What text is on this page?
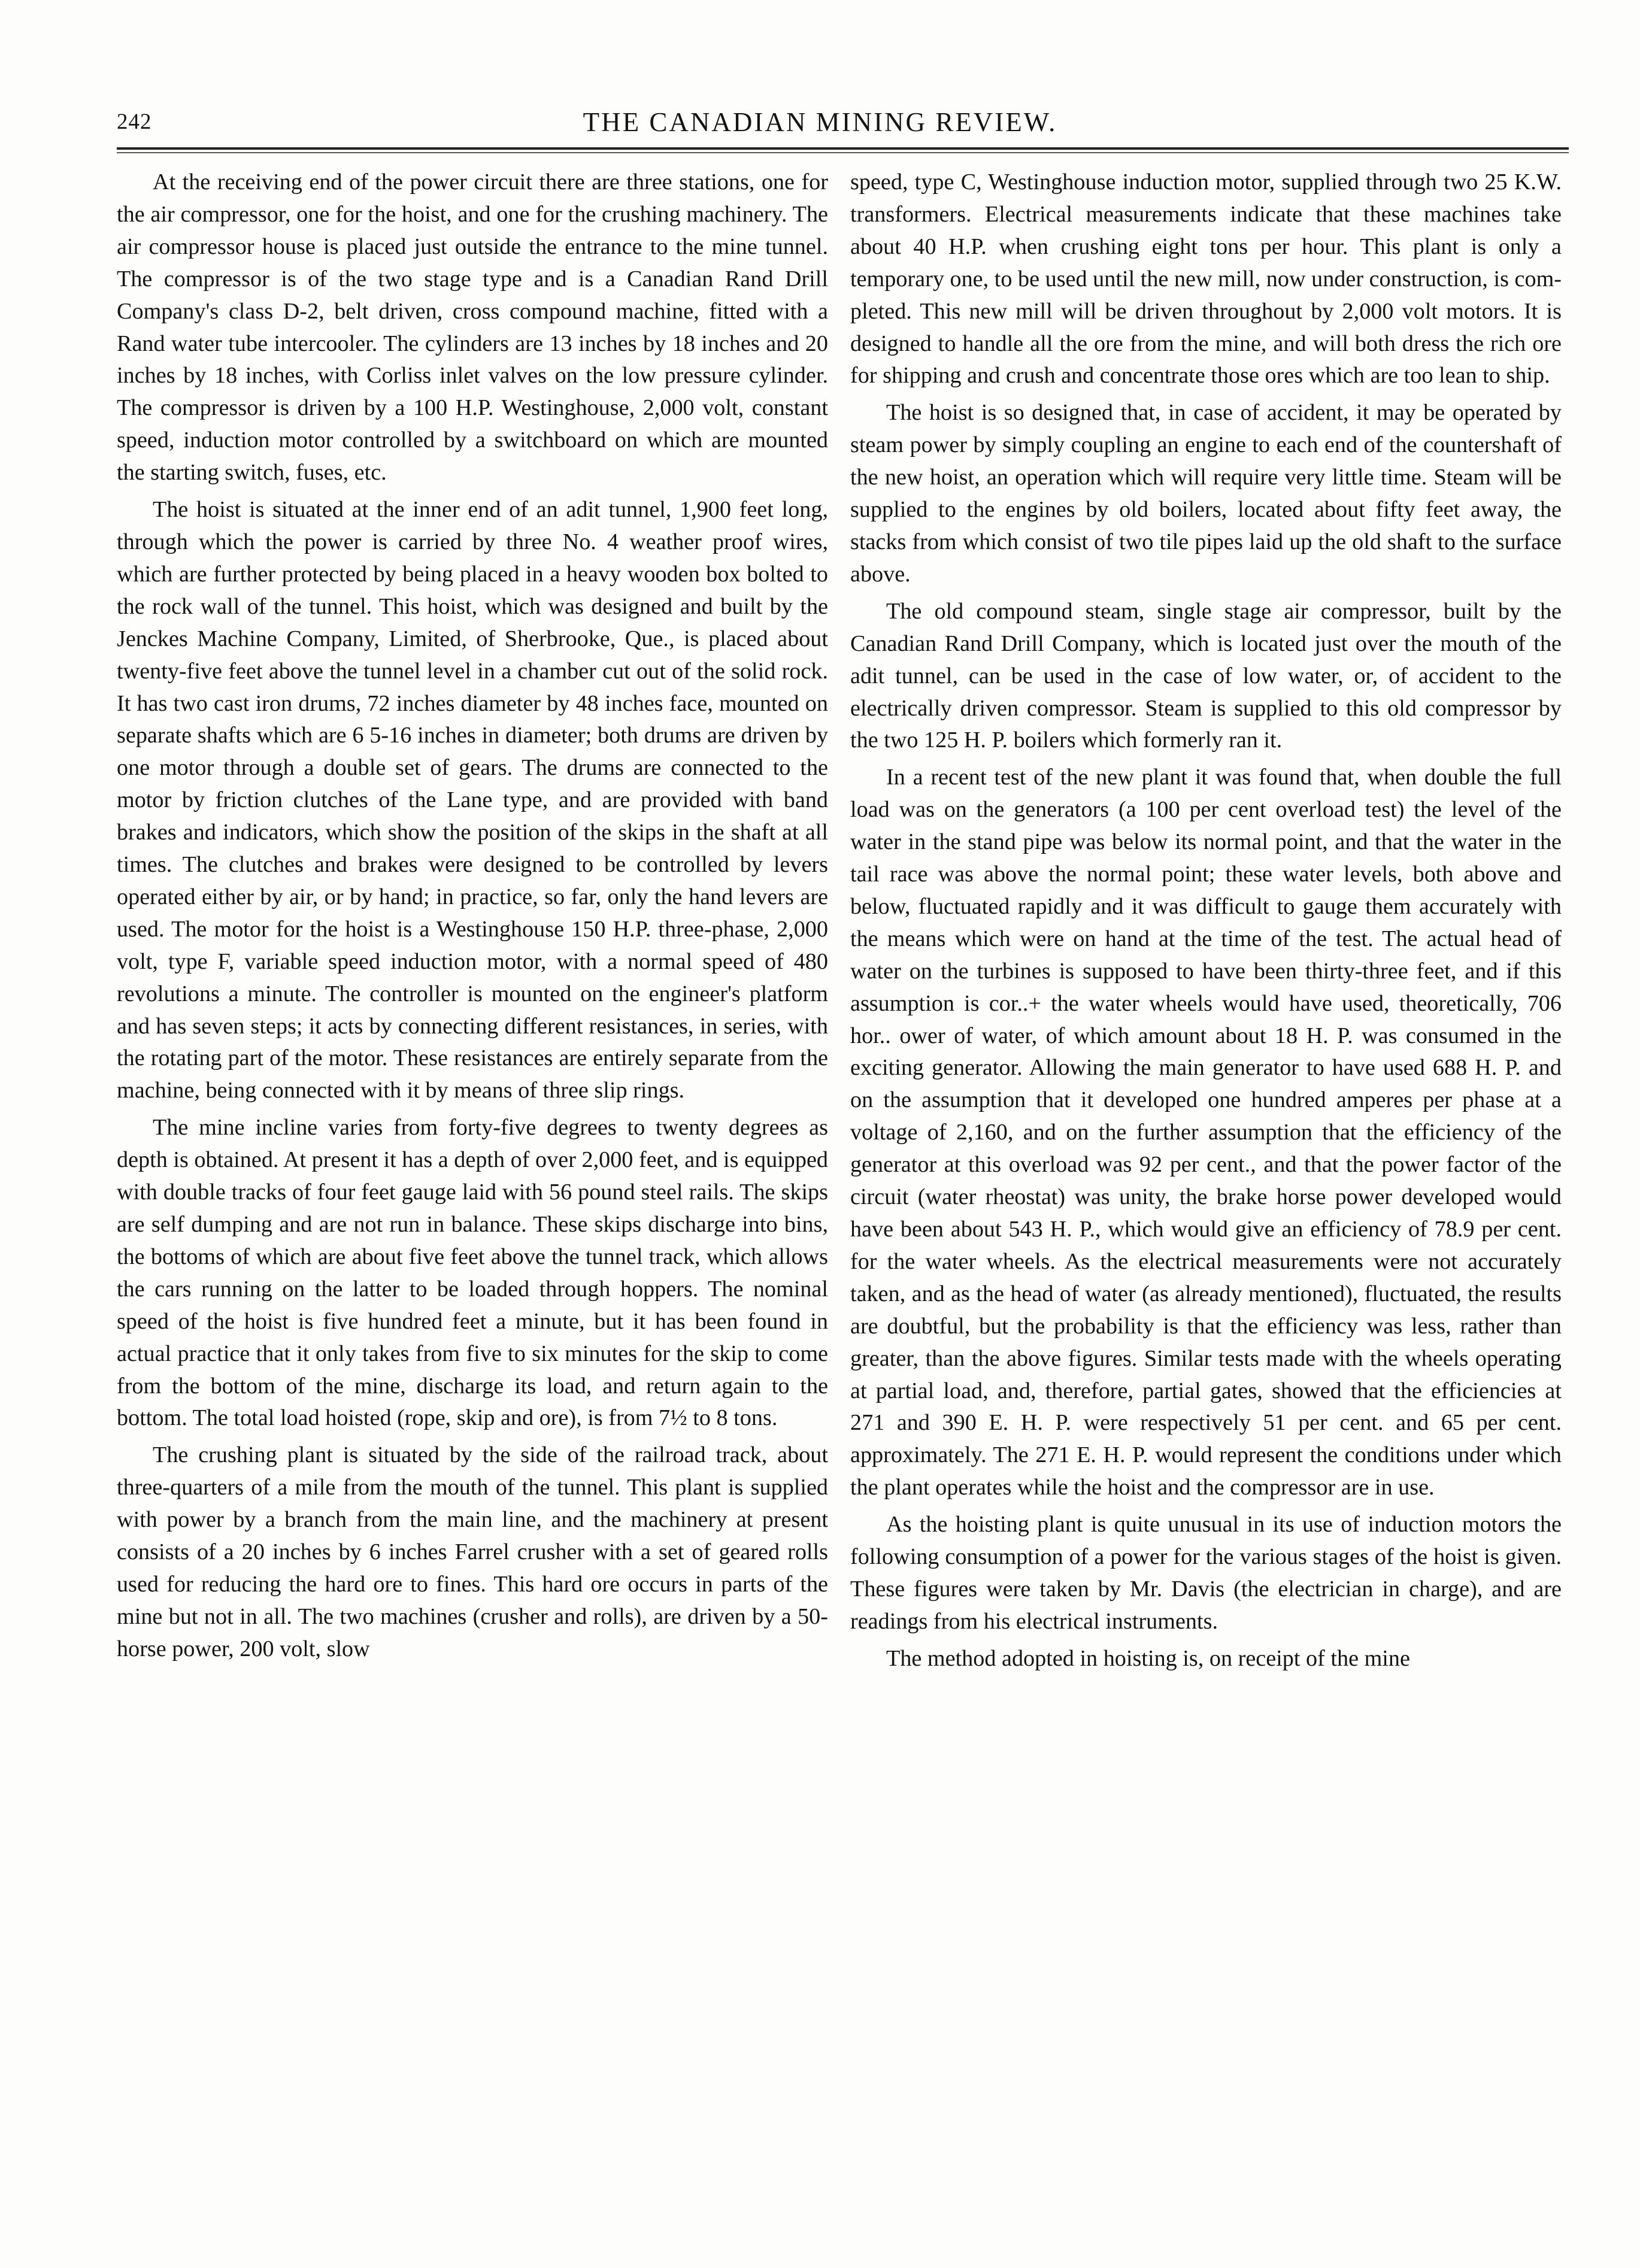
242	THE CANADIAN MINING REVIEW.

At the receiving end of the power circuit there are three stations, one for the air compressor, one for the hoist, and one for the crushing machinery. The air compressor house is placed just outside the entrance to the mine tunnel. The compressor is of the two stage type and is a Canadian Rand Drill Company's class D-2, belt driven, cross compound machine, fitted with a Rand water tube intercooler. The cylinders are 13 inches by 18 inches and 20 inches by 18 inches, with Corliss inlet valves on the low pressure cylinder. The compressor is driven by a 100 H.P. Westinghouse, 2,000 volt, constant speed, induction motor controlled by a switchboard on which are mounted the starting switch, fuses, etc.

The hoist is situated at the inner end of an adit tunnel, 1,900 feet long, through which the power is carried by three No. 4 weather proof wires, which are further protected by being placed in a heavy wooden box bolted to the rock wall of the tunnel. This hoist, which was designed and built by the Jenckes Machine Company, Limited, of Sherbrooke, Que., is placed about twenty-five feet above the tunnel level in a chamber cut out of the solid rock. It has two cast iron drums, 72 inches diameter by 48 inches face, mounted on separate shafts which are 6 5-16 inches in diameter; both drums are driven by one motor through a double set of gears. The drums are connected to the motor by friction clutches of the Lane type, and are provided with band brakes and indicators, which show the position of the skips in the shaft at all times. The clutches and brakes were designed to be controlled by levers operated either by air, or by hand; in practice, so far, only the hand levers are used. The motor for the hoist is a Westinghouse 150 H.P. three-phase, 2,000 volt, type F, variable speed induction motor, with a normal speed of 480 revolutions a minute. The controller is mounted on the engineer's platform and has seven steps; it acts by connecting different resistances, in series, with the rotating part of the motor. These resistances are entirely separate from the machine, being connected with it by means of three slip rings.

The mine incline varies from forty-five degrees to twenty degrees as depth is obtained. At present it has a depth of over 2,000 feet, and is equipped with double tracks of four feet gauge laid with 56 pound steel rails. The skips are self dumping and are not run in balance. These skips discharge into bins, the bottoms of which are about five feet above the tunnel track, which allows the cars running on the latter to be loaded through hoppers. The nominal speed of the hoist is five hundred feet a minute, but it has been found in actual practice that it only takes from five to six minutes for the skip to come from the bottom of the mine, discharge its load, and return again to the bottom. The total load hoisted (rope, skip and ore), is from 7½ to 8 tons.

The crushing plant is situated by the side of the railroad track, about three-quarters of a mile from the mouth of the tunnel. This plant is supplied with power by a branch from the main line, and the machinery at present consists of a 20 inches by 6 inches Farrel crusher with a set of geared rolls used for reducing the hard ore to fines. This hard ore occurs in parts of the mine but not in all. The two machines (crusher and rolls), are driven by a 50-horse power, 200 volt, slow

speed, type C, Westinghouse induction motor, supplied through two 25 K.W. transformers. Electrical measurements indicate that these machines take about 40 H.P. when crushing eight tons per hour. This plant is only a temporary one, to be used until the new mill, now under construction, is completed. This new mill will be driven throughout by 2,000 volt motors. It is designed to handle all the ore from the mine, and will both dress the rich ore for shipping and crush and concentrate those ores which are too lean to ship.

The hoist is so designed that, in case of accident, it may be operated by steam power by simply coupling an engine to each end of the countershaft of the new hoist, an operation which will require very little time. Steam will be supplied to the engines by old boilers, located about fifty feet away, the stacks from which consist of two tile pipes laid up the old shaft to the surface above.

The old compound steam, single stage air compressor, built by the Canadian Rand Drill Company, which is located just over the mouth of the adit tunnel, can be used in the case of low water, or, of accident to the electrically driven compressor. Steam is supplied to this old compressor by the two 125 H. P. boilers which formerly ran it.

In a recent test of the new plant it was found that, when double the full load was on the generators (a 100 per cent overload test) the level of the water in the stand pipe was below its normal point, and that the water in the tail race was above the normal point; these water levels, both above and below, fluctuated rapidly and it was difficult to gauge them accurately with the means which were on hand at the time of the test. The actual head of water on the turbines is supposed to have been thirty-three feet, and if this assumption is cor..+ the water wheels would have used, theoretically, 706 hor.. ower of water, of which amount about 18 H. P. was consumed in the exciting generator. Allowing the main generator to have used 688 H. P. and on the assumption that it developed one hundred amperes per phase at a voltage of 2,160, and on the further assumption that the efficiency of the generator at this overload was 92 per cent., and that the power factor of the circuit (water rheostat) was unity, the brake horse power developed would have been about 543 H. P., which would give an efficiency of 78.9 per cent. for the water wheels. As the electrical measurements were not accurately taken, and as the head of water (as already mentioned), fluctuated, the results are doubtful, but the probability is that the efficiency was less, rather than greater, than the above figures. Similar tests made with the wheels operating at partial load, and, therefore, partial gates, showed that the efficiencies at 271 and 390 E. H. P. were respectively 51 per cent. and 65 per cent. approximately. The 271 E. H. P. would represent the conditions under which the plant operates while the hoist and the compressor are in use.

As the hoisting plant is quite unusual in its use of induction motors the following consumption of a power for the various stages of the hoist is given. These figures were taken by Mr. Davis (the electrician in charge), and are readings from his electrical instruments.

The method adopted in hoisting is, on receipt of the mine
